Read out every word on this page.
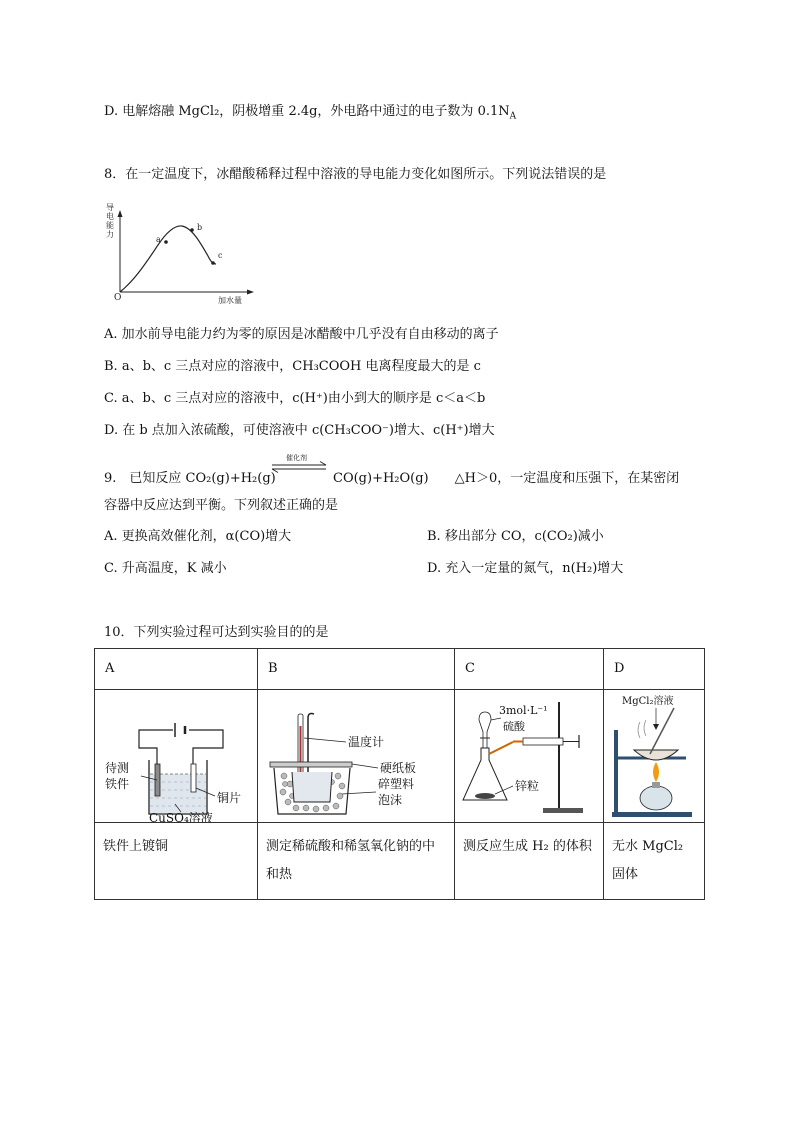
D. 电解熔融 MgCl₂，阴极增重 2.4g，外电路中通过的电子数为 $0.1N_A$
8．在一定温度下，冰醋酸稀释过程中溶液的导电能力变化如图所示。下列说法错误的是
导电能力
O	加水量
a
b
c
A. 加水前导电能力约为零的原因是冰醋酸中几乎没有自由移动的离子
B. a、b、c 三点对应的溶液中，CH₃COOH 电离程度最大的是 c
C. a、b、c 三点对应的溶液中，c(H⁺)由小到大的顺序是 c＜a＜b
D. 在 b 点加入浓硫酸，可使溶液中 c(CH₃COO⁻)增大、c(H⁺)增大
9.　已知反应 CO₂(g)+H₂(g)
催化剂
CO(g)+H₂O(g)　　△H＞0，一定温度和压强下，在某密闭
容器中反应达到平衡。下列叙述正确的是
A. 更换高效催化剂，α(CO)增大	B. 移出部分 CO，c(CO₂)减小
C. 升高温度，K 减小	D. 充入一定量的氮气，n(H₂)增大
10．下列实验过程可达到实验目的的是
A	B	C	D

待测
铁件
铜片
CuSO₄溶液	温度计
硬纸板
碎塑料
泡沫	3mol·L⁻¹
硫酸
锌粒	MgCl₂溶液

铁件上镀铜	测定稀硫酸和稀氢氧化钠的中和热	测反应生成 H₂ 的体积	无水 MgCl₂ 固体
